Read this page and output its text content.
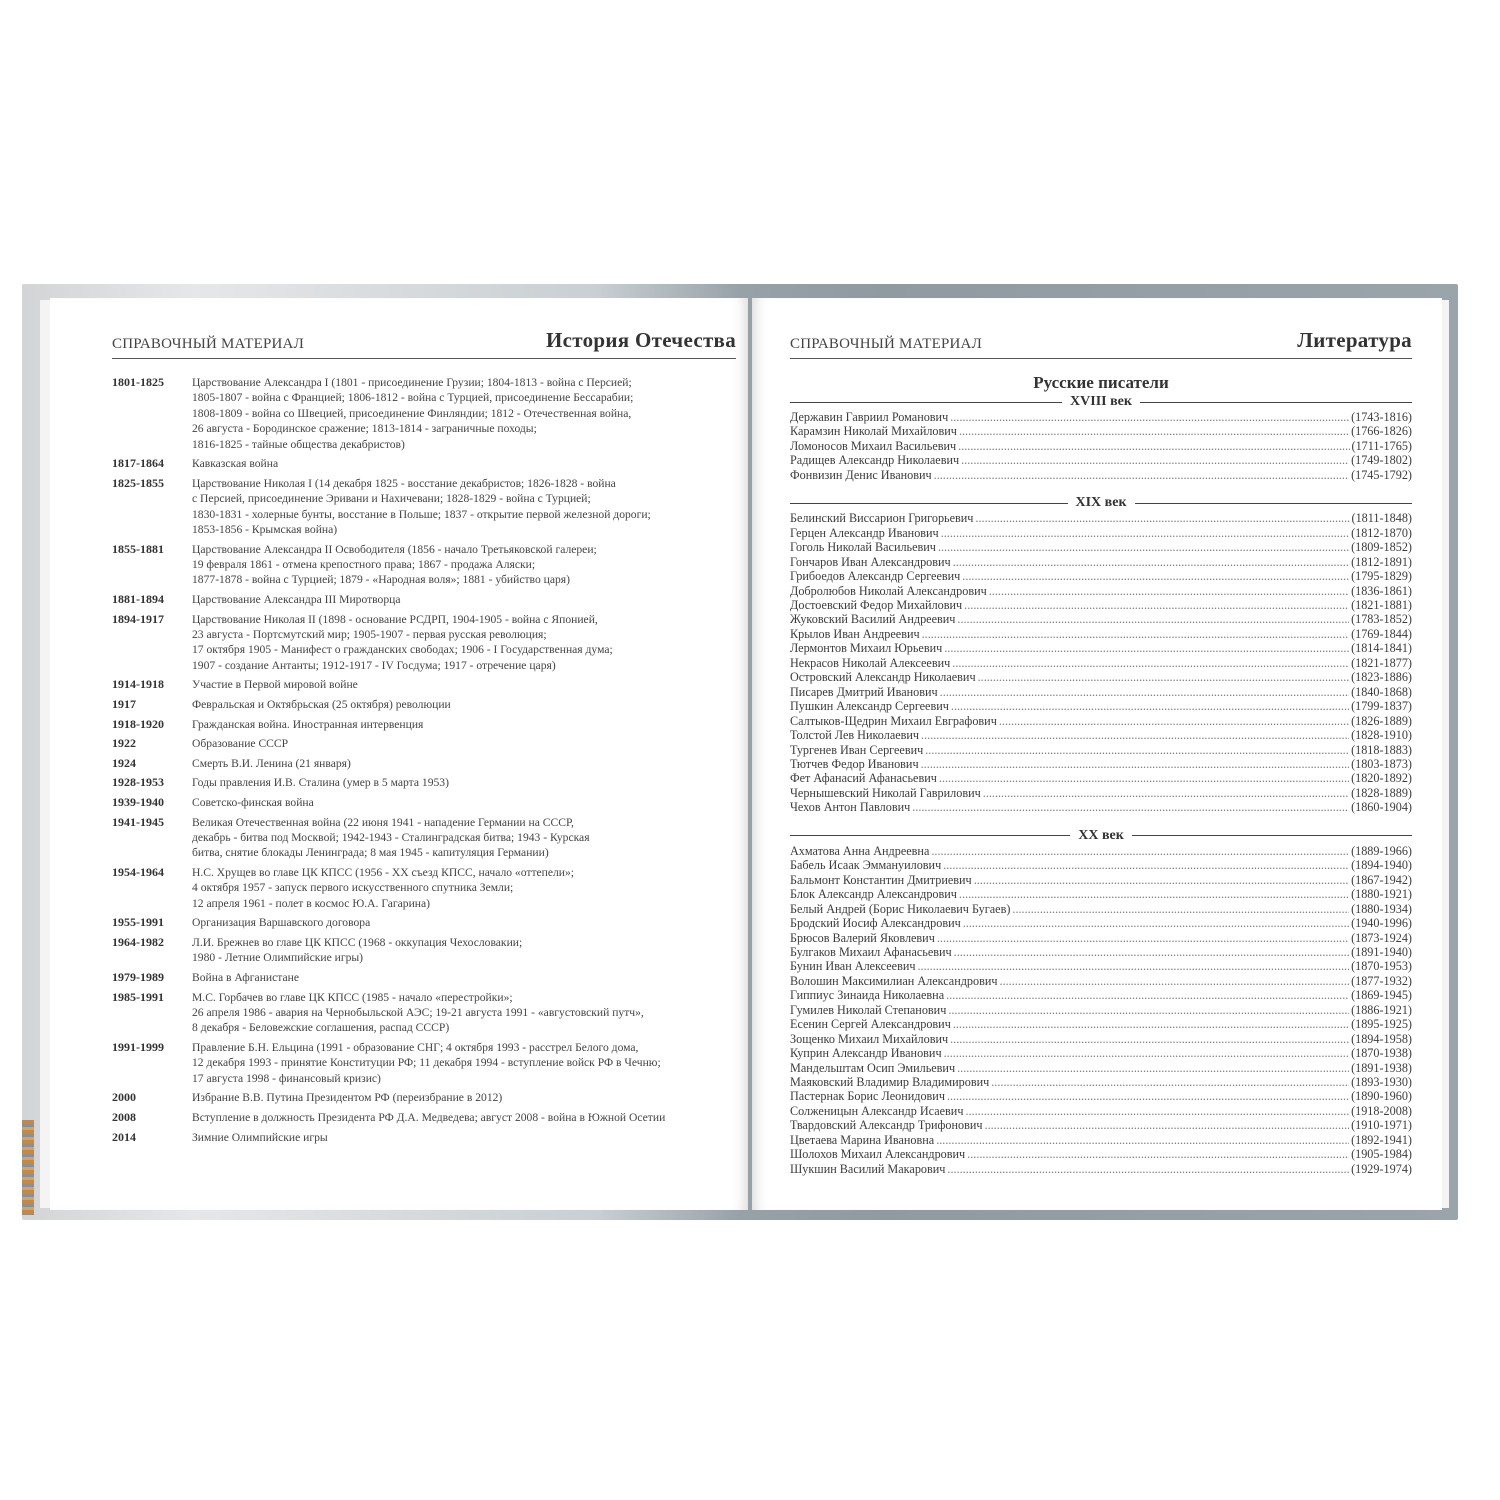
СПРАВОЧНЫЙ МАТЕРИАЛ	История Отечества
1801-1825	Царствование Александра I (1801 - присоединение Грузии; 1804-1813 - война с Персией;
1805-1807 - война с Францией; 1806-1812 - война с Турцией, присоединение Бессарабии;
1808-1809 - война со Швецией, присоединение Финляндии; 1812 - Отечественная война,
26 августа - Бородинское сражение; 1813-1814 - заграничные походы;
1816-1825 - тайные общества декабристов)
1817-1864	Кавказская война
1825-1855	Царствование Николая I (14 декабря 1825 - восстание декабристов; 1826-1828 - война
с Персией, присоединение Эривани и Нахичевани; 1828-1829 - война с Турцией;
1830-1831 - холерные бунты, восстание в Польше; 1837 - открытие первой железной дороги;
1853-1856 - Крымская война)
1855-1881	Царствование Александра II Освободителя (1856 - начало Третьяковской галереи;
19 февраля 1861 - отмена крепостного права; 1867 - продажа Аляски;
1877-1878 - война с Турцией; 1879 - «Народная воля»; 1881 - убийство царя)
1881-1894	Царствование Александра III Миротворца
1894-1917	Царствование Николая II (1898 - основание РСДРП, 1904-1905 - война с Японией,
23 августа - Портсмутский мир; 1905-1907 - первая русская революция;
17 октября 1905 - Манифест о гражданских свободах; 1906 - I Государственная дума;
1907 - создание Антанты; 1912-1917 - IV Госдума; 1917 - отречение царя)
1914-1918	Участие в Первой мировой войне
1917	Февральская и Октябрьская (25 октября) революции
1918-1920	Гражданская война. Иностранная интервенция
1922	Образование СССР
1924	Смерть В.И. Ленина (21 января)
1928-1953	Годы правления И.В. Сталина (умер в 5 марта 1953)
1939-1940	Советско-финская война
1941-1945	Великая Отечественная война (22 июня 1941 - нападение Германии на СССР,
декабрь - битва под Москвой; 1942-1943 - Сталинградская битва; 1943 - Курская
битва, снятие блокады Ленинграда; 8 мая 1945 - капитуляция Германии)
1954-1964	Н.С. Хрущев во главе ЦК КПСС (1956 - XX съезд КПСС, начало «оттепели»;
4 октября 1957 - запуск первого искусственного спутника Земли;
12 апреля 1961 - полет в космос Ю.А. Гагарина)
1955-1991	Организация Варшавского договора
1964-1982	Л.И. Брежнев во главе ЦК КПСС (1968 - оккупация Чехословакии;
1980 - Летние Олимпийские игры)
1979-1989	Война в Афганистане
1985-1991	М.С. Горбачев во главе ЦК КПСС (1985 - начало «перестройки»;
26 апреля 1986 - авария на Чернобыльской АЭС; 19-21 августа 1991 - «августовский путч»,
8 декабря - Беловежские соглашения, распад СССР)
1991-1999	Правление Б.Н. Ельцина (1991 - образование СНГ; 4 октября 1993 - расстрел Белого дома,
12 декабря 1993 - принятие Конституции РФ; 11 декабря 1994 - вступление войск РФ в Чечню;
17 августа 1998 - финансовый кризис)
2000	Избрание В.В. Путина Президентом РФ (переизбрание в 2012)
2008	Вступление в должность Президента РФ Д.А. Медведева; август 2008 - война в Южной Осетии
2014	Зимние Олимпийские игры
СПРАВОЧНЫЙ МАТЕРИАЛ	Литература
Русские писатели
XVIII век
Державин Гавриил Романович .....	(1743-1816)
Карамзин Николай Михайлович .....	(1766-1826)
Ломоносов Михаил Васильевич .....	(1711-1765)
Радищев Александр Николаевич .....	(1749-1802)
Фонвизин Денис Иванович .....	(1745-1792)
XIX век
Белинский Виссарион Григорьевич .....	(1811-1848)
Герцен Александр Иванович .....	(1812-1870)
Гоголь Николай Васильевич .....	(1809-1852)
Гончаров Иван Александрович .....	(1812-1891)
Грибоедов Александр Сергеевич .....	(1795-1829)
Добролюбов Николай Александрович .....	(1836-1861)
Достоевский Федор Михайлович .....	(1821-1881)
Жуковский Василий Андреевич .....	(1783-1852)
Крылов Иван Андреевич .....	(1769-1844)
Лермонтов Михаил Юрьевич .....	(1814-1841)
Некрасов Николай Алексеевич .....	(1821-1877)
Островский Александр Николаевич .....	(1823-1886)
Писарев Дмитрий Иванович .....	(1840-1868)
Пушкин Александр Сергеевич .....	(1799-1837)
Салтыков-Щедрин Михаил Евграфович .....	(1826-1889)
Толстой Лев Николаевич .....	(1828-1910)
Тургенев Иван Сергеевич .....	(1818-1883)
Тютчев Федор Иванович .....	(1803-1873)
Фет Афанасий Афанасьевич .....	(1820-1892)
Чернышевский Николай Гаврилович .....	(1828-1889)
Чехов Антон Павлович .....	(1860-1904)
XX век
Ахматова Анна Андреевна .....	(1889-1966)
Бабель Исаак Эммануилович .....	(1894-1940)
Бальмонт Константин Дмитриевич .....	(1867-1942)
Блок Александр Александрович .....	(1880-1921)
Белый Андрей (Борис Николаевич Бугаев) .....	(1880-1934)
Бродский Иосиф Александрович .....	(1940-1996)
Брюсов Валерий Яковлевич .....	(1873-1924)
Булгаков Михаил Афанасьевич .....	(1891-1940)
Бунин Иван Алексеевич .....	(1870-1953)
Волошин Максимилиан Александрович .....	(1877-1932)
Гиппиус Зинаида Николаевна .....	(1869-1945)
Гумилев Николай Степанович .....	(1886-1921)
Есенин Сергей Александрович .....	(1895-1925)
Зощенко Михаил Михайлович .....	(1894-1958)
Куприн Александр Иванович .....	(1870-1938)
Мандельштам Осип Эмильевич .....	(1891-1938)
Маяковский Владимир Владимирович .....	(1893-1930)
Пастернак Борис Леонидович .....	(1890-1960)
Солженицын Александр Исаевич .....	(1918-2008)
Твардовский Александр Трифонович .....	(1910-1971)
Цветаева Марина Ивановна .....	(1892-1941)
Шолохов Михаил Александрович .....	(1905-1984)
Шукшин Василий Макарович .....	(1929-1974)
